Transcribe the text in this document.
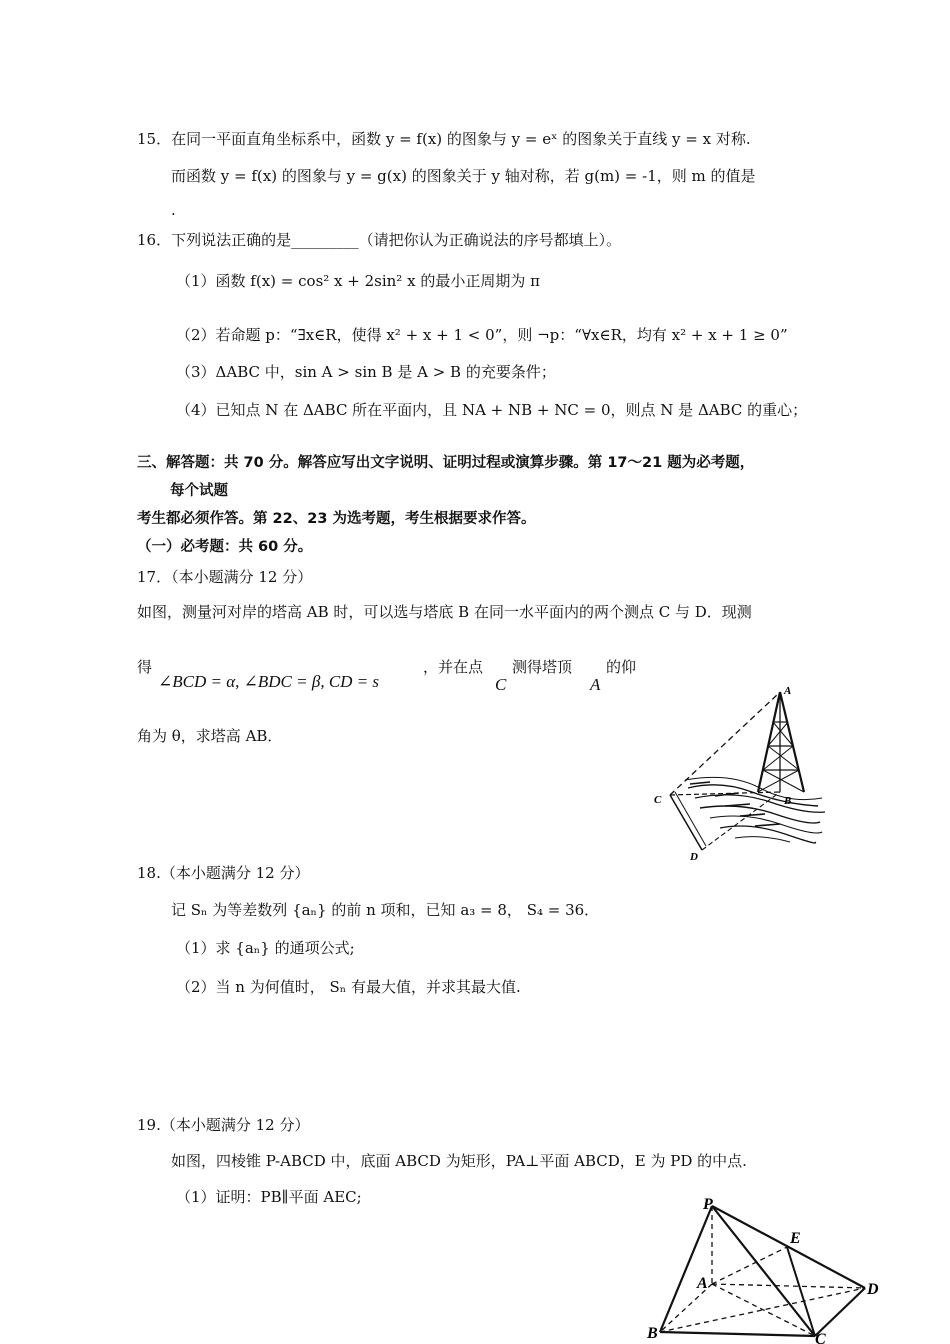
15．在同一平面直角坐标系中，函数 y = f(x) 的图象与 y = eˣ 的图象关于直线 y = x 对称.
而函数 y = f(x) 的图象与 y = g(x) 的图象关于 y 轴对称，若 g(m) = -1，则 m 的值是
.
16．下列说法正确的是_________（请把你认为正确说法的序号都填上）。
（1）函数 f(x) = cos² x + 2sin² x 的最小正周期为 π
（2）若命题 p：“∃x∈R，使得 x² + x + 1 < 0”，则 ¬p：“∀x∈R，均有 x² + x + 1 ≥ 0”
（3）ΔABC 中，sin A > sin B 是 A > B 的充要条件；
（4）已知点 N 在 ΔABC 所在平面内，且 NA + NB + NC = 0，则点 N 是 ΔABC 的重心；
三、解答题：共 70 分。解答应写出文字说明、证明过程或演算步骤。第 17～21 题为必考题，
每个试题
考生都必须作答。第 22、23 为选考题，考生根据要求作答。
（一）必考题：共 60 分。
17．（本小题满分 12 分）
如图，测量河对岸的塔高 AB 时，可以选与塔底 B 在同一水平面内的两个测点 C 与 D．现测
得
∠BCD = α, ∠BDC = β, CD = s
，并在点
C
测得塔顶
A
的仰
角为 θ，求塔高 AB．
A
B
C
D
18.（本小题满分 12 分）
记 Sₙ 为等差数列 {aₙ} 的前 n 项和，已知 a₃ = 8， S₄ = 36．
（1）求 {aₙ} 的通项公式;
（2）当 n 为何值时， Sₙ 有最大值，并求其最大值.
19.（本小题满分 12 分）
如图，四棱锥 P-ABCD 中，底面 ABCD 为矩形，PA⊥平面 ABCD，E 为 PD 的中点.
（1）证明：PB∥平面 AEC;	P
E
A	D
B	C
